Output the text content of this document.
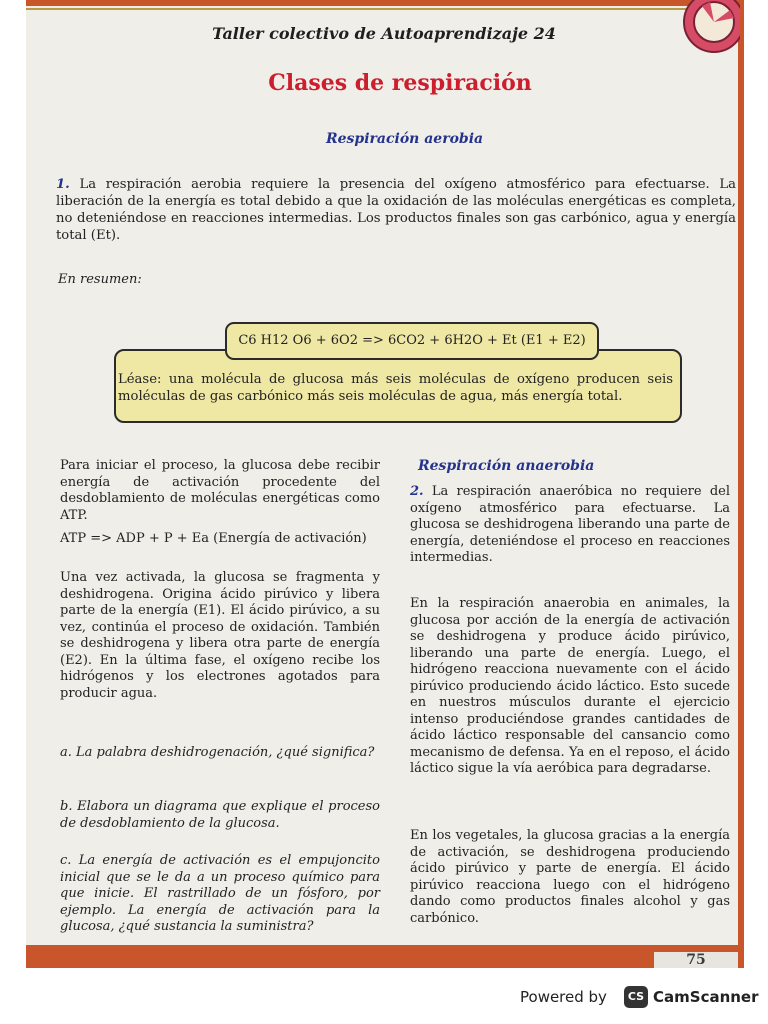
75
Taller colectivo de Autoaprendizaje 24
Clases de respiración
Respiración aerobia
1. La respiración aerobia requiere la presencia del oxígeno atmosférico para efectuarse. La liberación de la energía es total debido a que la oxidación de las moléculas energéticas es completa, no deteniéndose en reacciones intermedias. Los productos finales son gas carbónico, agua y energía total (Et).
En resumen:
Léase: una molécula de glucosa más seis moléculas de oxígeno producen seis moléculas de gas carbónico más seis moléculas de agua, más energía total.
C6 H12 O6 + 6O2 => 6CO2 + 6H2O + Et (E1 + E2)
Para iniciar el proceso, la glucosa debe recibir energía de activación procedente del desdoblamiento de moléculas energéticas como ATP.
ATP => ADP + P + Ea (Energía de activación)
Una vez activada, la glucosa se fragmenta y deshidrogena. Origina ácido pirúvico y libera parte de la energía (E1). El ácido pirúvico, a su vez, continúa el proceso de oxidación. También se deshidrogena y libera otra parte de energía (E2). En la última fase, el oxígeno recibe los hidrógenos y los electrones agotados para producir agua.
a. La palabra deshidrogenación, ¿qué significa?
b. Elabora un diagrama que explique el proceso de desdoblamiento de la glucosa.
c. La energía de activación es el empujoncito inicial que se le da a un proceso químico para que inicie. El rastrillado de un fósforo, por ejemplo. La energía de activación para la glucosa, ¿qué sustancia la suministra?
Respiración anaerobia
2. La respiración anaeróbica no requiere del oxígeno atmosférico para efectuarse. La glucosa se deshidrogena liberando una parte de energía, deteniéndose el proceso en reacciones intermedias.
En la respiración anaerobia en animales, la glucosa por acción de la energía de activación se deshidrogena y produce ácido pirúvico, liberando una parte de energía. Luego, el hidrógeno reacciona nuevamente con el ácido pirúvico produciendo ácido láctico. Esto sucede en nuestros músculos durante el ejercicio intenso produciéndose grandes cantidades de ácido láctico responsable del cansancio como mecanismo de defensa. Ya en el reposo, el ácido láctico sigue la vía aeróbica para degradarse.
En los vegetales, la glucosa gracias a la energía de activación, se deshidrogena produciendo ácido pirúvico y parte de energía. El ácido pirúvico reacciona luego con el hidrógeno dando como productos finales alcohol y gas carbónico.
Powered by	CS CamScanner
